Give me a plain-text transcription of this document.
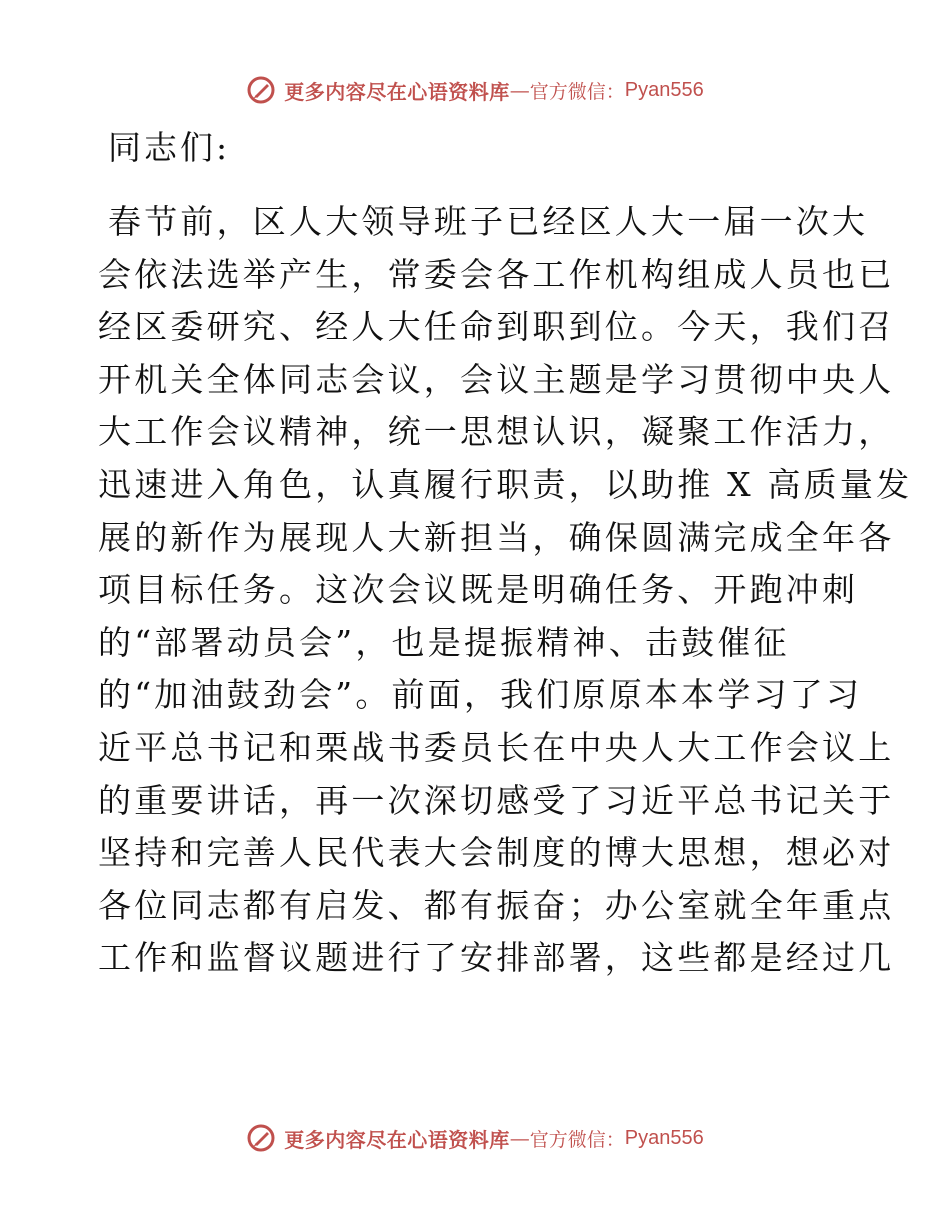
更多内容尽在心语资料库 — 官方微信： Pyan556
同志们:
春节前，区人大领导班子已经区人大一届一次大
会依法选举产生，常委会各工作机构组成人员也已
经区委研究、经人大任命到职到位。今天，我们召
开机关全体同志会议，会议主题是学习贯彻中央人
大工作会议精神，统一思想认识，凝聚工作活力，
迅速进入角色，认真履行职责，以助推 X 高质量发
展的新作为展现人大新担当，确保圆满完成全年各
项目标任务。这次会议既是明确任务、开跑冲刺
的“部署动员会”，也是提振精神、击鼓催征
的“加油鼓劲会”。前面，我们原原本本学习了习
近平总书记和栗战书委员长在中央人大工作会议上
的重要讲话，再一次深切感受了习近平总书记关于
坚持和完善人民代表大会制度的博大思想，想必对
各位同志都有启发、都有振奋；办公室就全年重点
工作和监督议题进行了安排部署，这些都是经过几
更多内容尽在心语资料库 — 官方微信： Pyan556
